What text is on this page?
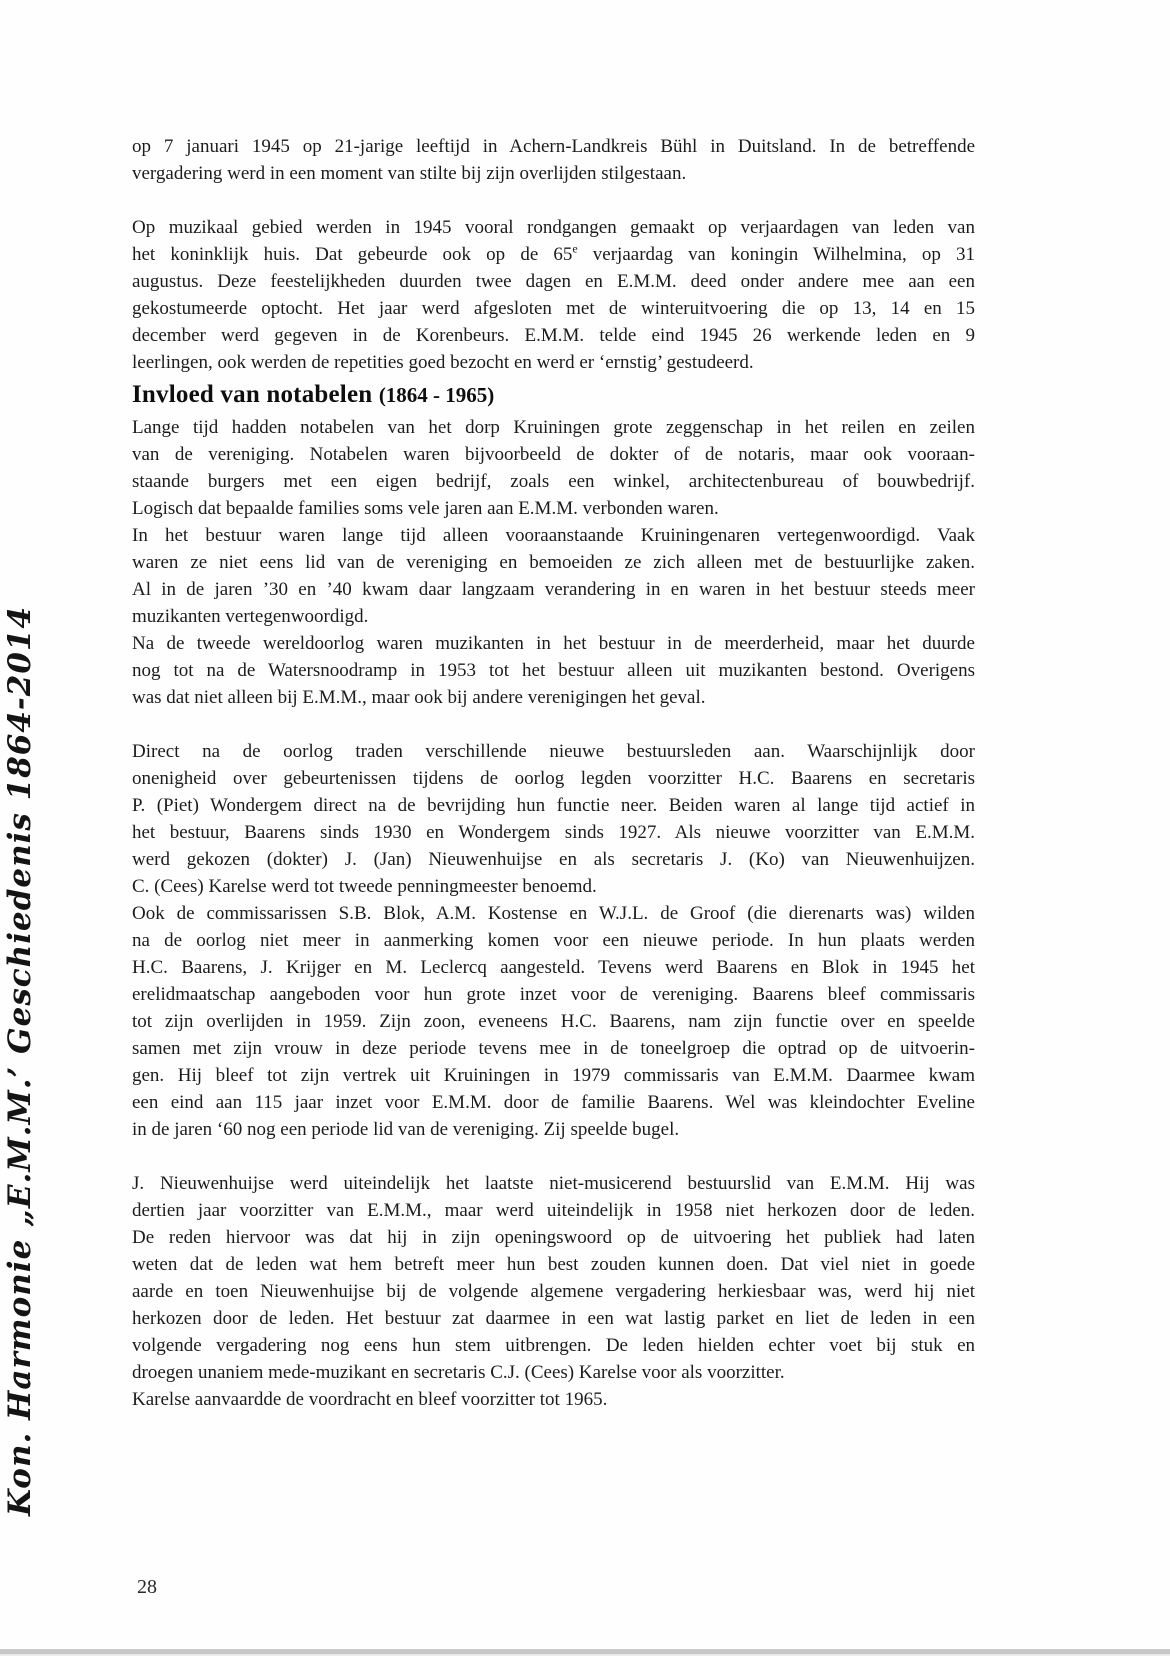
Kon. Harmonie „E.M.M.’ Geschiedenis 1864-2014
op 7 januari 1945 op 21-jarige leeftijd in Achern-Landkreis Bühl in Duitsland. In de betreffende
vergadering werd in een moment van stilte bij zijn overlijden stilgestaan.
Op muzikaal gebied werden in 1945 vooral rondgangen gemaakt op verjaardagen van leden van
het koninklijk huis. Dat gebeurde ook op de 65e verjaardag van koningin Wilhelmina, op 31
augustus. Deze feestelijkheden duurden twee dagen en E.M.M. deed onder andere mee aan een
gekostumeerde optocht. Het jaar werd afgesloten met de winteruitvoering die op 13, 14 en 15
december werd gegeven in de Korenbeurs. E.M.M. telde eind 1945 26 werkende leden en 9
leerlingen, ook werden de repetities goed bezocht en werd er ‘ernstig’ gestudeerd.
Invloed van notabelen (1864 - 1965)
Lange tijd hadden notabelen van het dorp Kruiningen grote zeggenschap in het reilen en zeilen
van de vereniging. Notabelen waren bijvoorbeeld de dokter of de notaris, maar ook vooraan-
staande burgers met een eigen bedrijf, zoals een winkel, architectenbureau of bouwbedrijf.
Logisch dat bepaalde families soms vele jaren aan E.M.M. verbonden waren.
In het bestuur waren lange tijd alleen vooraanstaande Kruiningenaren vertegenwoordigd. Vaak
waren ze niet eens lid van de vereniging en bemoeiden ze zich alleen met de bestuurlijke zaken.
Al in de jaren ’30 en ’40 kwam daar langzaam verandering in en waren in het bestuur steeds meer
muzikanten vertegenwoordigd.
Na de tweede wereldoorlog waren muzikanten in het bestuur in de meerderheid, maar het duurde
nog tot na de Watersnoodramp in 1953 tot het bestuur alleen uit muzikanten bestond. Overigens
was dat niet alleen bij E.M.M., maar ook bij andere verenigingen het geval.
Direct na de oorlog traden verschillende nieuwe bestuursleden aan. Waarschijnlijk door
onenigheid over gebeurtenissen tijdens de oorlog legden voorzitter H.C. Baarens en secretaris
P. (Piet) Wondergem direct na de bevrijding hun functie neer. Beiden waren al lange tijd actief in
het bestuur, Baarens sinds 1930 en Wondergem sinds 1927. Als nieuwe voorzitter van E.M.M.
werd gekozen (dokter) J. (Jan) Nieuwenhuijse en als secretaris J. (Ko) van Nieuwenhuijzen.
C. (Cees) Karelse werd tot tweede penningmeester benoemd.
Ook de commissarissen S.B. Blok, A.M. Kostense en W.J.L. de Groof (die dierenarts was) wilden
na de oorlog niet meer in aanmerking komen voor een nieuwe periode. In hun plaats werden
H.C. Baarens, J. Krijger en M. Leclercq aangesteld. Tevens werd Baarens en Blok in 1945 het
erelidmaatschap aangeboden voor hun grote inzet voor de vereniging. Baarens bleef commissaris
tot zijn overlijden in 1959. Zijn zoon, eveneens H.C. Baarens, nam zijn functie over en speelde
samen met zijn vrouw in deze periode tevens mee in de toneelgroep die optrad op de uitvoerin-
gen. Hij bleef tot zijn vertrek uit Kruiningen in 1979 commissaris van E.M.M. Daarmee kwam
een eind aan 115 jaar inzet voor E.M.M. door de familie Baarens. Wel was kleindochter Eveline
in de jaren ‘60 nog een periode lid van de vereniging. Zij speelde bugel.
J. Nieuwenhuijse werd uiteindelijk het laatste niet-musicerend bestuurslid van E.M.M. Hij was
dertien jaar voorzitter van E.M.M., maar werd uiteindelijk in 1958 niet herkozen door de leden.
De reden hiervoor was dat hij in zijn openingswoord op de uitvoering het publiek had laten
weten dat de leden wat hem betreft meer hun best zouden kunnen doen. Dat viel niet in goede
aarde en toen Nieuwenhuijse bij de volgende algemene vergadering herkiesbaar was, werd hij niet
herkozen door de leden. Het bestuur zat daarmee in een wat lastig parket en liet de leden in een
volgende vergadering nog eens hun stem uitbrengen. De leden hielden echter voet bij stuk en
droegen unaniem mede-muzikant en secretaris C.J. (Cees) Karelse voor als voorzitter.
Karelse aanvaardde de voordracht en bleef voorzitter tot 1965.
28
